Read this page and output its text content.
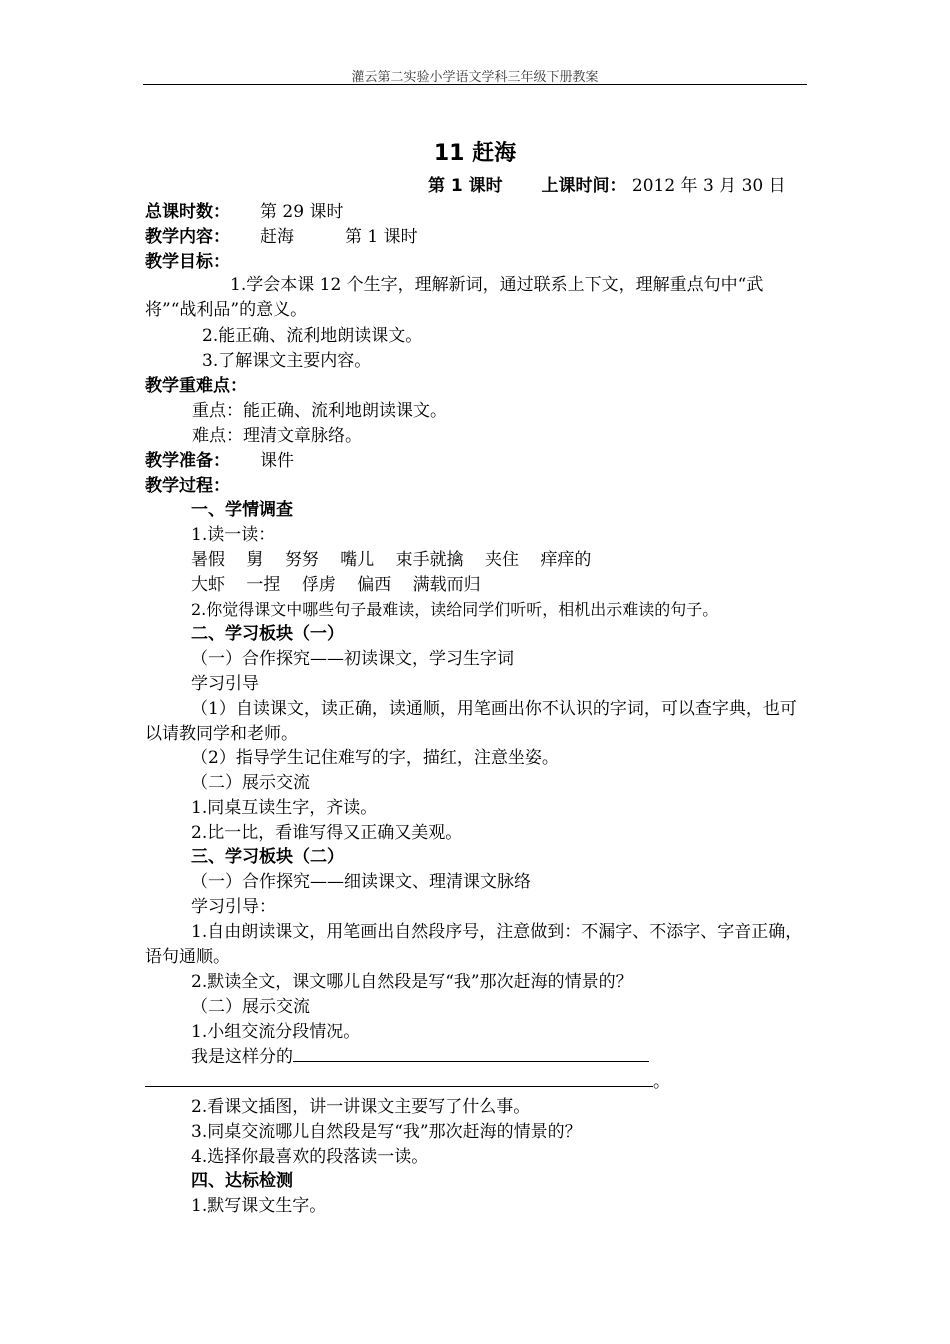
灌云第二实验小学语文学科三年级下册教案
11 赶海
第 1 课时 上课时间： 2012 年 3 月 30 日
总课时数： 第 29 课时
教学内容： 赶海	第 1 课时
教学目标：
1.学会本课 12 个生字，理解新词，通过联系上下文，理解重点句中“武将”“战利品”的意义。
2.能正确、流利地朗读课文。
3.了解课文主要内容。
教学重难点：
重点：能正确、流利地朗读课文。
难点：理清文章脉络。
教学准备： 课件
教学过程：
一、学情调查
1.读一读：
暑假 舅 努努 嘴儿 束手就擒 夹住 痒痒的
大虾 一捏 俘虏 偏西 满载而归
2.你觉得课文中哪些句子最难读，读给同学们听听，相机出示难读的句子。
二、学习板块（一）
（一）合作探究——初读课文，学习生字词
学习引导
（1）自读课文，读正确，读通顺，用笔画出你不认识的字词，可以查字典，也可以请教同学和老师。
（2）指导学生记住难写的字，描红，注意坐姿。
（二）展示交流
1.同桌互读生字，齐读。
2.比一比，看谁写得又正确又美观。
三、学习板块（二）
（一）合作探究——细读课文、理清课文脉络
学习引导：
1.自由朗读课文，用笔画出自然段序号，注意做到：不漏字、不添字、字音正确，语句通顺。
2.默读全文，课文哪儿自然段是写“我”那次赶海的情景的？
（二）展示交流
1.小组交流分段情况。
我是这样分的
。
2.看课文插图，讲一讲课文主要写了什么事。
3.同桌交流哪儿自然段是写“我”那次赶海的情景的？
4.选择你最喜欢的段落读一读。
四、达标检测
1.默写课文生字。
